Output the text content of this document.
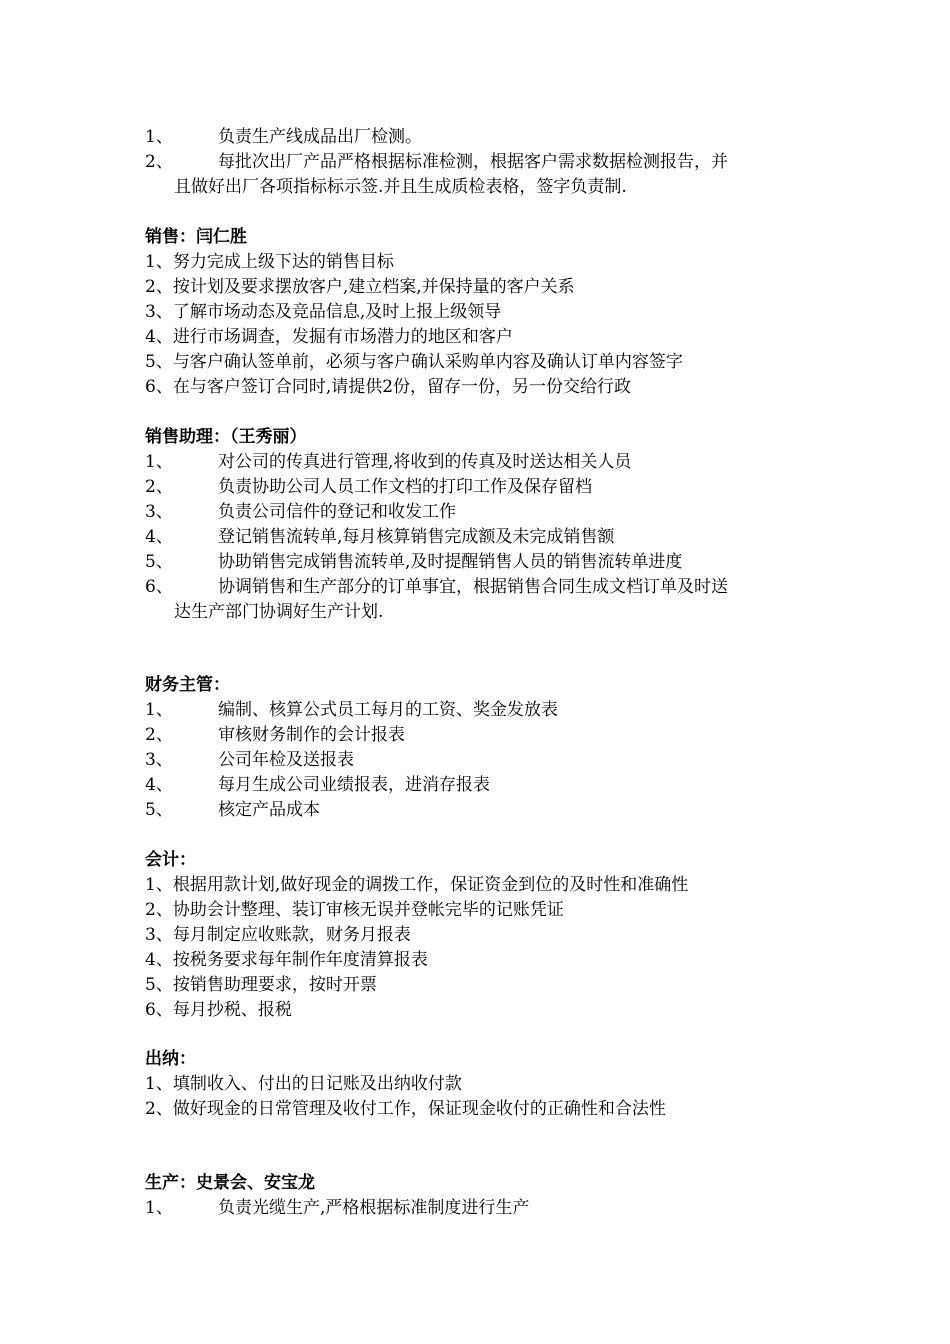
1、	负责生产线成品出厂检测。
2、	每批次出厂产品严格根据标准检测，根据客户需求数据检测报告，并
且做好出厂各项指标标示签.并且生成质检表格，签字负责制.
销售：闫仁胜
1、努力完成上级下达的销售目标
2、按计划及要求摆放客户,建立档案,并保持量的客户关系
3、了解市场动态及竞品信息,及时上报上级领导
4、进行市场调查，发掘有市场潜力的地区和客户
5、与客户确认签单前，必须与客户确认采购单内容及确认订单内容签字
6、在与客户签订合同时,请提供2份，留存一份，另一份交给行政
销售助理：（王秀丽）
1、	对公司的传真进行管理,将收到的传真及时送达相关人员
2、	负责协助公司人员工作文档的打印工作及保存留档
3、	负责公司信件的登记和收发工作
4、	登记销售流转单,每月核算销售完成额及未完成销售额
5、	协助销售完成销售流转单,及时提醒销售人员的销售流转单进度
6、	协调销售和生产部分的订单事宜，根据销售合同生成文档订单及时送
达生产部门协调好生产计划.
财务主管：
1、	编制、核算公式员工每月的工资、奖金发放表
2、	审核财务制作的会计报表
3、	公司年检及送报表
4、	每月生成公司业绩报表，进消存报表
5、	核定产品成本
会计：
1、根据用款计划,做好现金的调拨工作，保证资金到位的及时性和准确性
2、协助会计整理、装订审核无误并登帐完毕的记账凭证
3、每月制定应收账款，财务月报表
4、按税务要求每年制作年度清算报表
5、按销售助理要求，按时开票
6、每月抄税、报税
出纳：
1、填制收入、付出的日记账及出纳收付款
2、做好现金的日常管理及收付工作，保证现金收付的正确性和合法性
生产：史景会、安宝龙
1、	负责光缆生产,严格根据标准制度进行生产
